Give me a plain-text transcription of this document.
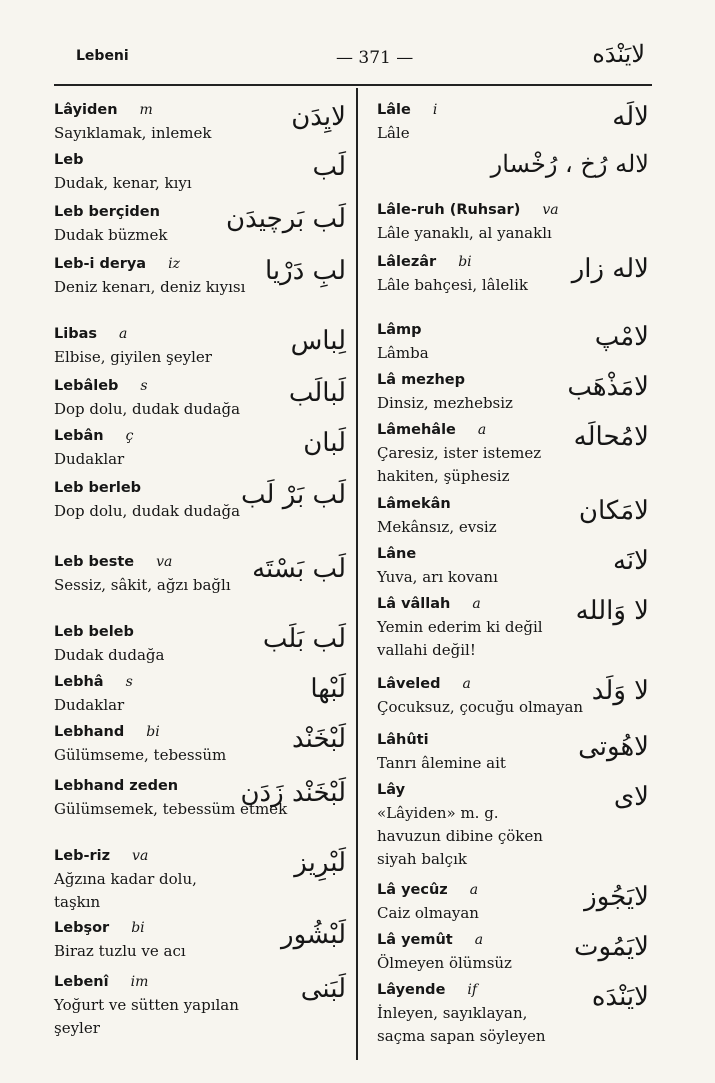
Lebeni	— 371 —	لايَنْدَه
Lâyiden m
Sayıklamak, inlemek
لايِدَن
Leb
Dudak, kenar, kıyı
لَب
Leb berçiden
Dudak büzmek
لَب بَرچيدَن
Leb-i derya iz
Deniz kenarı, deniz kıyısı
لبِ دَرْيا
Libas a
Elbise, giyilen şeyler
لِباس
Lebâleb s
Dop dolu, dudak dudağa
لَبالَب
Lebân ç
Dudaklar
لَبان
Leb berleb
Dop dolu, dudak dudağa
لَب بَرْ لَب
Leb beste va
Sessiz, sâkit, ağzı bağlı
لَب بَسْتَه
Leb beleb
Dudak dudağa
لَب بَلَب
Lebhâ s
Dudaklar
لَبْها
Lebhand bi
Gülümseme, tebessüm
لَبْخَنْد
Lebhand zeden
Gülümsemek, tebessüm etmek
لَبْخَنْد زَدَن
Leb-riz va
Ağzına kadar dolu,
taşkın
لَبْرِيز
Lebşor bi
Biraz tuzlu ve acı
لَبْشُور
Lebenî im
Yoğurt ve sütten yapılan
şeyler
لَبَنى
Lâle i
Lâle
لالَه
لاله رُخ ، رُخْسار
Lâle-ruh (Ruhsar) va
Lâle yanaklı, al yanaklı
Lâlezâr bi
Lâle bahçesi, lâlelik
لاله زار
Lâmp
Lâmba
لامْپ
Lâ mezhep
Dinsiz, mezhebsiz
لامَذْهَب
Lâmehâle a
Çaresiz, ister istemez
hakiten, şüphesiz
لامُحالَه
Lâmekân
Mekânsız, evsiz
لامَكان
Lâne
Yuva, arı kovanı
لانَه
Lâ vâllah a
Yemin ederim ki değil
vallahi değil!
لا وَالله
Lâveled a
Çocuksuz, çocuğu olmayan
لا وَلَد
Lâhûti
Tanrı âlemine ait
لاهُوتى
Lây
«Lâyiden» m. g.
havuzun dibine çöken
siyah balçık
لاى
Lâ yecûz a
Caiz olmayan
لايَجُوز
Lâ yemût a
Ölmeyen ölümsüz
لايَمُوت
Lâyende if
İnleyen, sayıklayan,
saçma sapan söyleyen
لايَنْدَه
